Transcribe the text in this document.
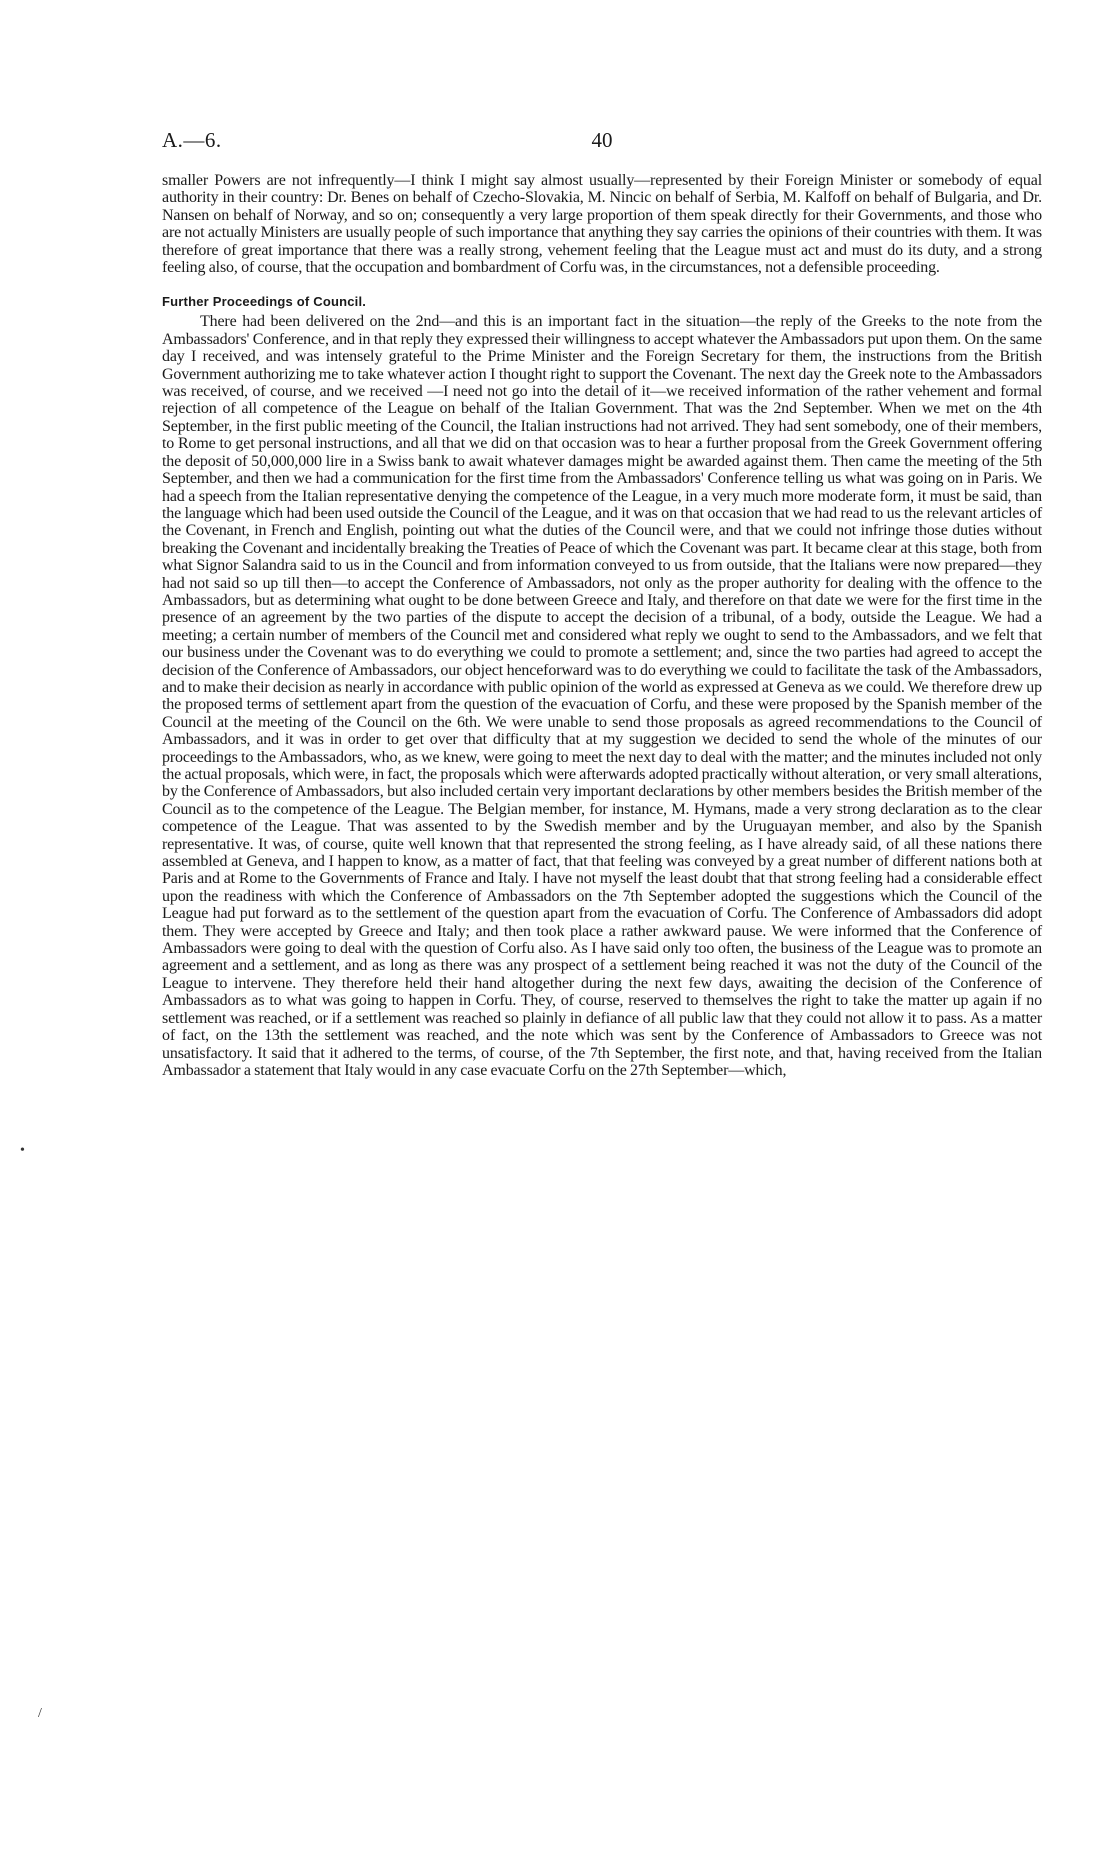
A.—6.	40

smaller Powers are not infrequently—I think I might say almost usually—represented by their Foreign Minister or somebody of equal authority in their country: Dr. Benes on behalf of Czecho-Slovakia, M. Nincic on behalf of Serbia, M. Kalfoff on behalf of Bulgaria, and Dr. Nansen on behalf of Norway, and so on; consequently a very large proportion of them speak directly for their Governments, and those who are not actually Ministers are usually people of such importance that anything they say carries the opinions of their countries with them. It was therefore of great importance that there was a really strong, vehement feeling that the League must act and must do its duty, and a strong feeling also, of course, that the occupation and bombardment of Corfu was, in the circumstances, not a defensible proceeding.

Further Proceedings of Council.

There had been delivered on the 2nd—and this is an important fact in the situation—the reply of the Greeks to the note from the Ambassadors' Conference, and in that reply they expressed their willingness to accept whatever the Ambassadors put upon them. On the same day I received, and was intensely grateful to the Prime Minister and the Foreign Secretary for them, the instructions from the British Government authorizing me to take whatever action I thought right to support the Covenant. The next day the Greek note to the Ambassadors was received, of course, and we received —I need not go into the detail of it—we received information of the rather vehement and formal rejection of all competence of the League on behalf of the Italian Government. That was the 2nd September. When we met on the 4th September, in the first public meeting of the Council, the Italian instructions had not arrived. They had sent somebody, one of their members, to Rome to get personal instructions, and all that we did on that occasion was to hear a further proposal from the Greek Government offering the deposit of 50,000,000 lire in a Swiss bank to await whatever damages might be awarded against them. Then came the meeting of the 5th September, and then we had a communication for the first time from the Ambassadors' Conference telling us what was going on in Paris. We had a speech from the Italian representative denying the competence of the League, in a very much more moderate form, it must be said, than the language which had been used outside the Council of the League, and it was on that occasion that we had read to us the relevant articles of the Covenant, in French and English, pointing out what the duties of the Council were, and that we could not infringe those duties without breaking the Covenant and incidentally breaking the Treaties of Peace of which the Covenant was part. It became clear at this stage, both from what Signor Salandra said to us in the Council and from information conveyed to us from outside, that the Italians were now prepared—they had not said so up till then—to accept the Conference of Ambassadors, not only as the proper authority for dealing with the offence to the Ambassadors, but as determining what ought to be done between Greece and Italy, and therefore on that date we were for the first time in the presence of an agreement by the two parties of the dispute to accept the decision of a tribunal, of a body, outside the League. We had a meeting; a certain number of members of the Council met and considered what reply we ought to send to the Ambassadors, and we felt that our business under the Covenant was to do everything we could to promote a settlement; and, since the two parties had agreed to accept the decision of the Conference of Ambassadors, our object henceforward was to do everything we could to facilitate the task of the Ambassadors, and to make their decision as nearly in accordance with public opinion of the world as expressed at Geneva as we could. We therefore drew up the proposed terms of settlement apart from the question of the evacuation of Corfu, and these were proposed by the Spanish member of the Council at the meeting of the Council on the 6th. We were unable to send those proposals as agreed recommendations to the Council of Ambassadors, and it was in order to get over that difficulty that at my suggestion we decided to send the whole of the minutes of our proceedings to the Ambassadors, who, as we knew, were going to meet the next day to deal with the matter; and the minutes included not only the actual proposals, which were, in fact, the proposals which were afterwards adopted practically without alteration, or very small alterations, by the Conference of Ambassadors, but also included certain very important declarations by other members besides the British member of the Council as to the competence of the League. The Belgian member, for instance, M. Hymans, made a very strong declaration as to the clear competence of the League. That was assented to by the Swedish member and by the Uruguayan member, and also by the Spanish representative. It was, of course, quite well known that that represented the strong feeling, as I have already said, of all these nations there assembled at Geneva, and I happen to know, as a matter of fact, that that feeling was conveyed by a great number of different nations both at Paris and at Rome to the Governments of France and Italy. I have not myself the least doubt that that strong feeling had a considerable effect upon the readiness with which the Conference of Ambassadors on the 7th September adopted the suggestions which the Council of the League had put forward as to the settlement of the question apart from the evacuation of Corfu. The Conference of Ambassadors did adopt them. They were accepted by Greece and Italy; and then took place a rather awkward pause. We were informed that the Conference of Ambassadors were going to deal with the question of Corfu also. As I have said only too often, the business of the League was to promote an agreement and a settlement, and as long as there was any prospect of a settlement being reached it was not the duty of the Council of the League to intervene. They therefore held their hand altogether during the next few days, awaiting the decision of the Conference of Ambassadors as to what was going to happen in Corfu. They, of course, reserved to themselves the right to take the matter up again if no settlement was reached, or if a settlement was reached so plainly in defiance of all public law that they could not allow it to pass. As a matter of fact, on the 13th the settlement was reached, and the note which was sent by the Conference of Ambassadors to Greece was not unsatisfactory. It said that it adhered to the terms, of course, of the 7th September, the first note, and that, having received from the Italian Ambassador a statement that Italy would in any case evacuate Corfu on the 27th September—which,

•
/
